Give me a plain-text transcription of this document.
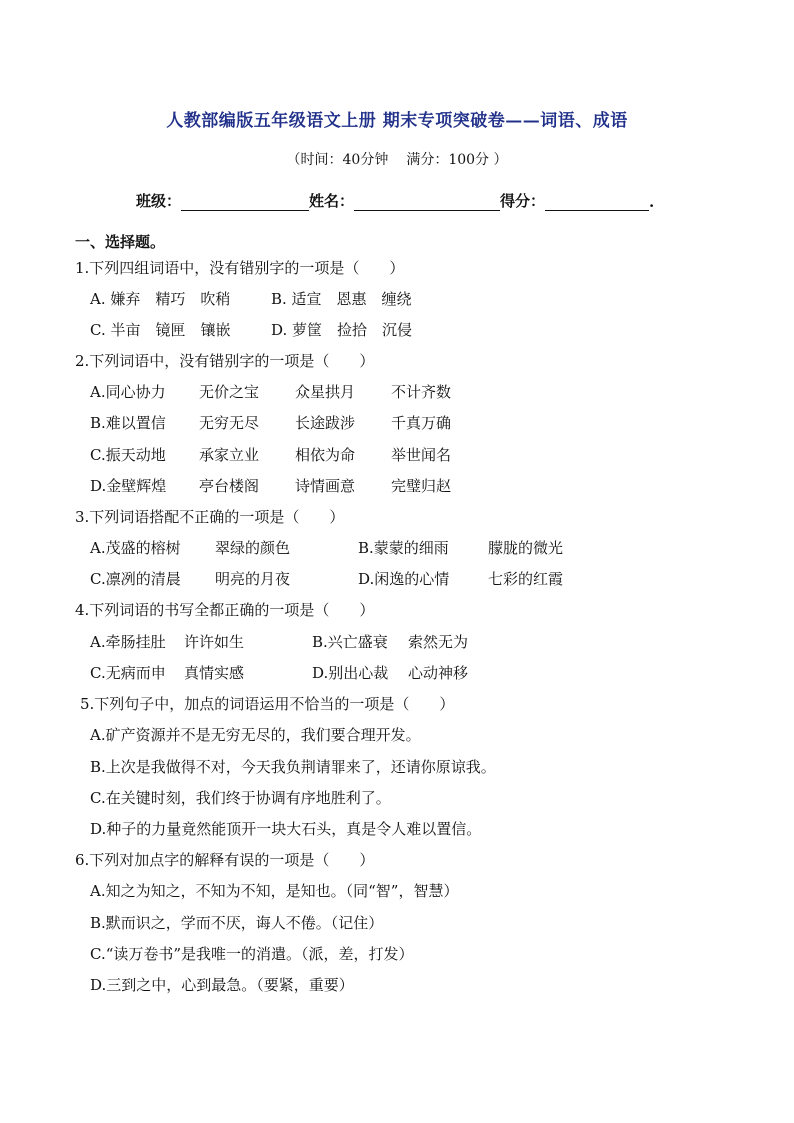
人教部编版五年级语文上册 期末专项突破卷——词语、成语
（时间：40分钟 满分：100分 ）
班级：	姓名：	得分：	.
一、选择题。
1.下列四组词语中，没有错别字的一项是（　　）
A. 嫌弃　精巧　吹稍	B. 适宣　恩惠　缠绕
C. 半亩　镜匣　镶嵌	D. 萝筐　捡拾　沉侵
2.下列词语中，没有错别字的一项是（　　）
A.同心协力 无价之宝 众星拱月 不计齐数
B.难以置信 无穷无尽 长途跋涉 千真万确
C.振天动地 承家立业 相依为命 举世闻名
D.金壁辉煌 亭台楼阁 诗情画意 完璧归赵
3.下列词语搭配不正确的一项是（　　）
A.茂盛的榕树 翠绿的颜色	B.蒙蒙的细雨	朦胧的微光
C.凛冽的清晨 明亮的月夜	D.闲逸的心情	七彩的红霞
4.下列词语的书写全都正确的一项是（　　）
A.牵肠挂肚 许许如生	B.兴亡盛衰 索然无为
C.无病而申 真情实感	D.别出心裁 心动神移
5.下列句子中，加点的词语运用不恰当的一项是（　　）
A.矿产资源并不是无穷无尽的，我们要合理开发。
B.上次是我做得不对，今天我负荆请罪来了，还请你原谅我。
C.在关键时刻，我们终于协调有序地胜利了。
D.种子的力量竟然能顶开一块大石头，真是令人难以置信。
6.下列对加点字的解释有误的一项是（　　）
A.知之为知之，不知为不知，是知也。（同“智”，智慧）
B.默而识之，学而不厌，诲人不倦。（记住）
C.“读万卷书”是我唯一的消遣。（派，差，打发）
D.三到之中，心到最急。（要紧，重要）
